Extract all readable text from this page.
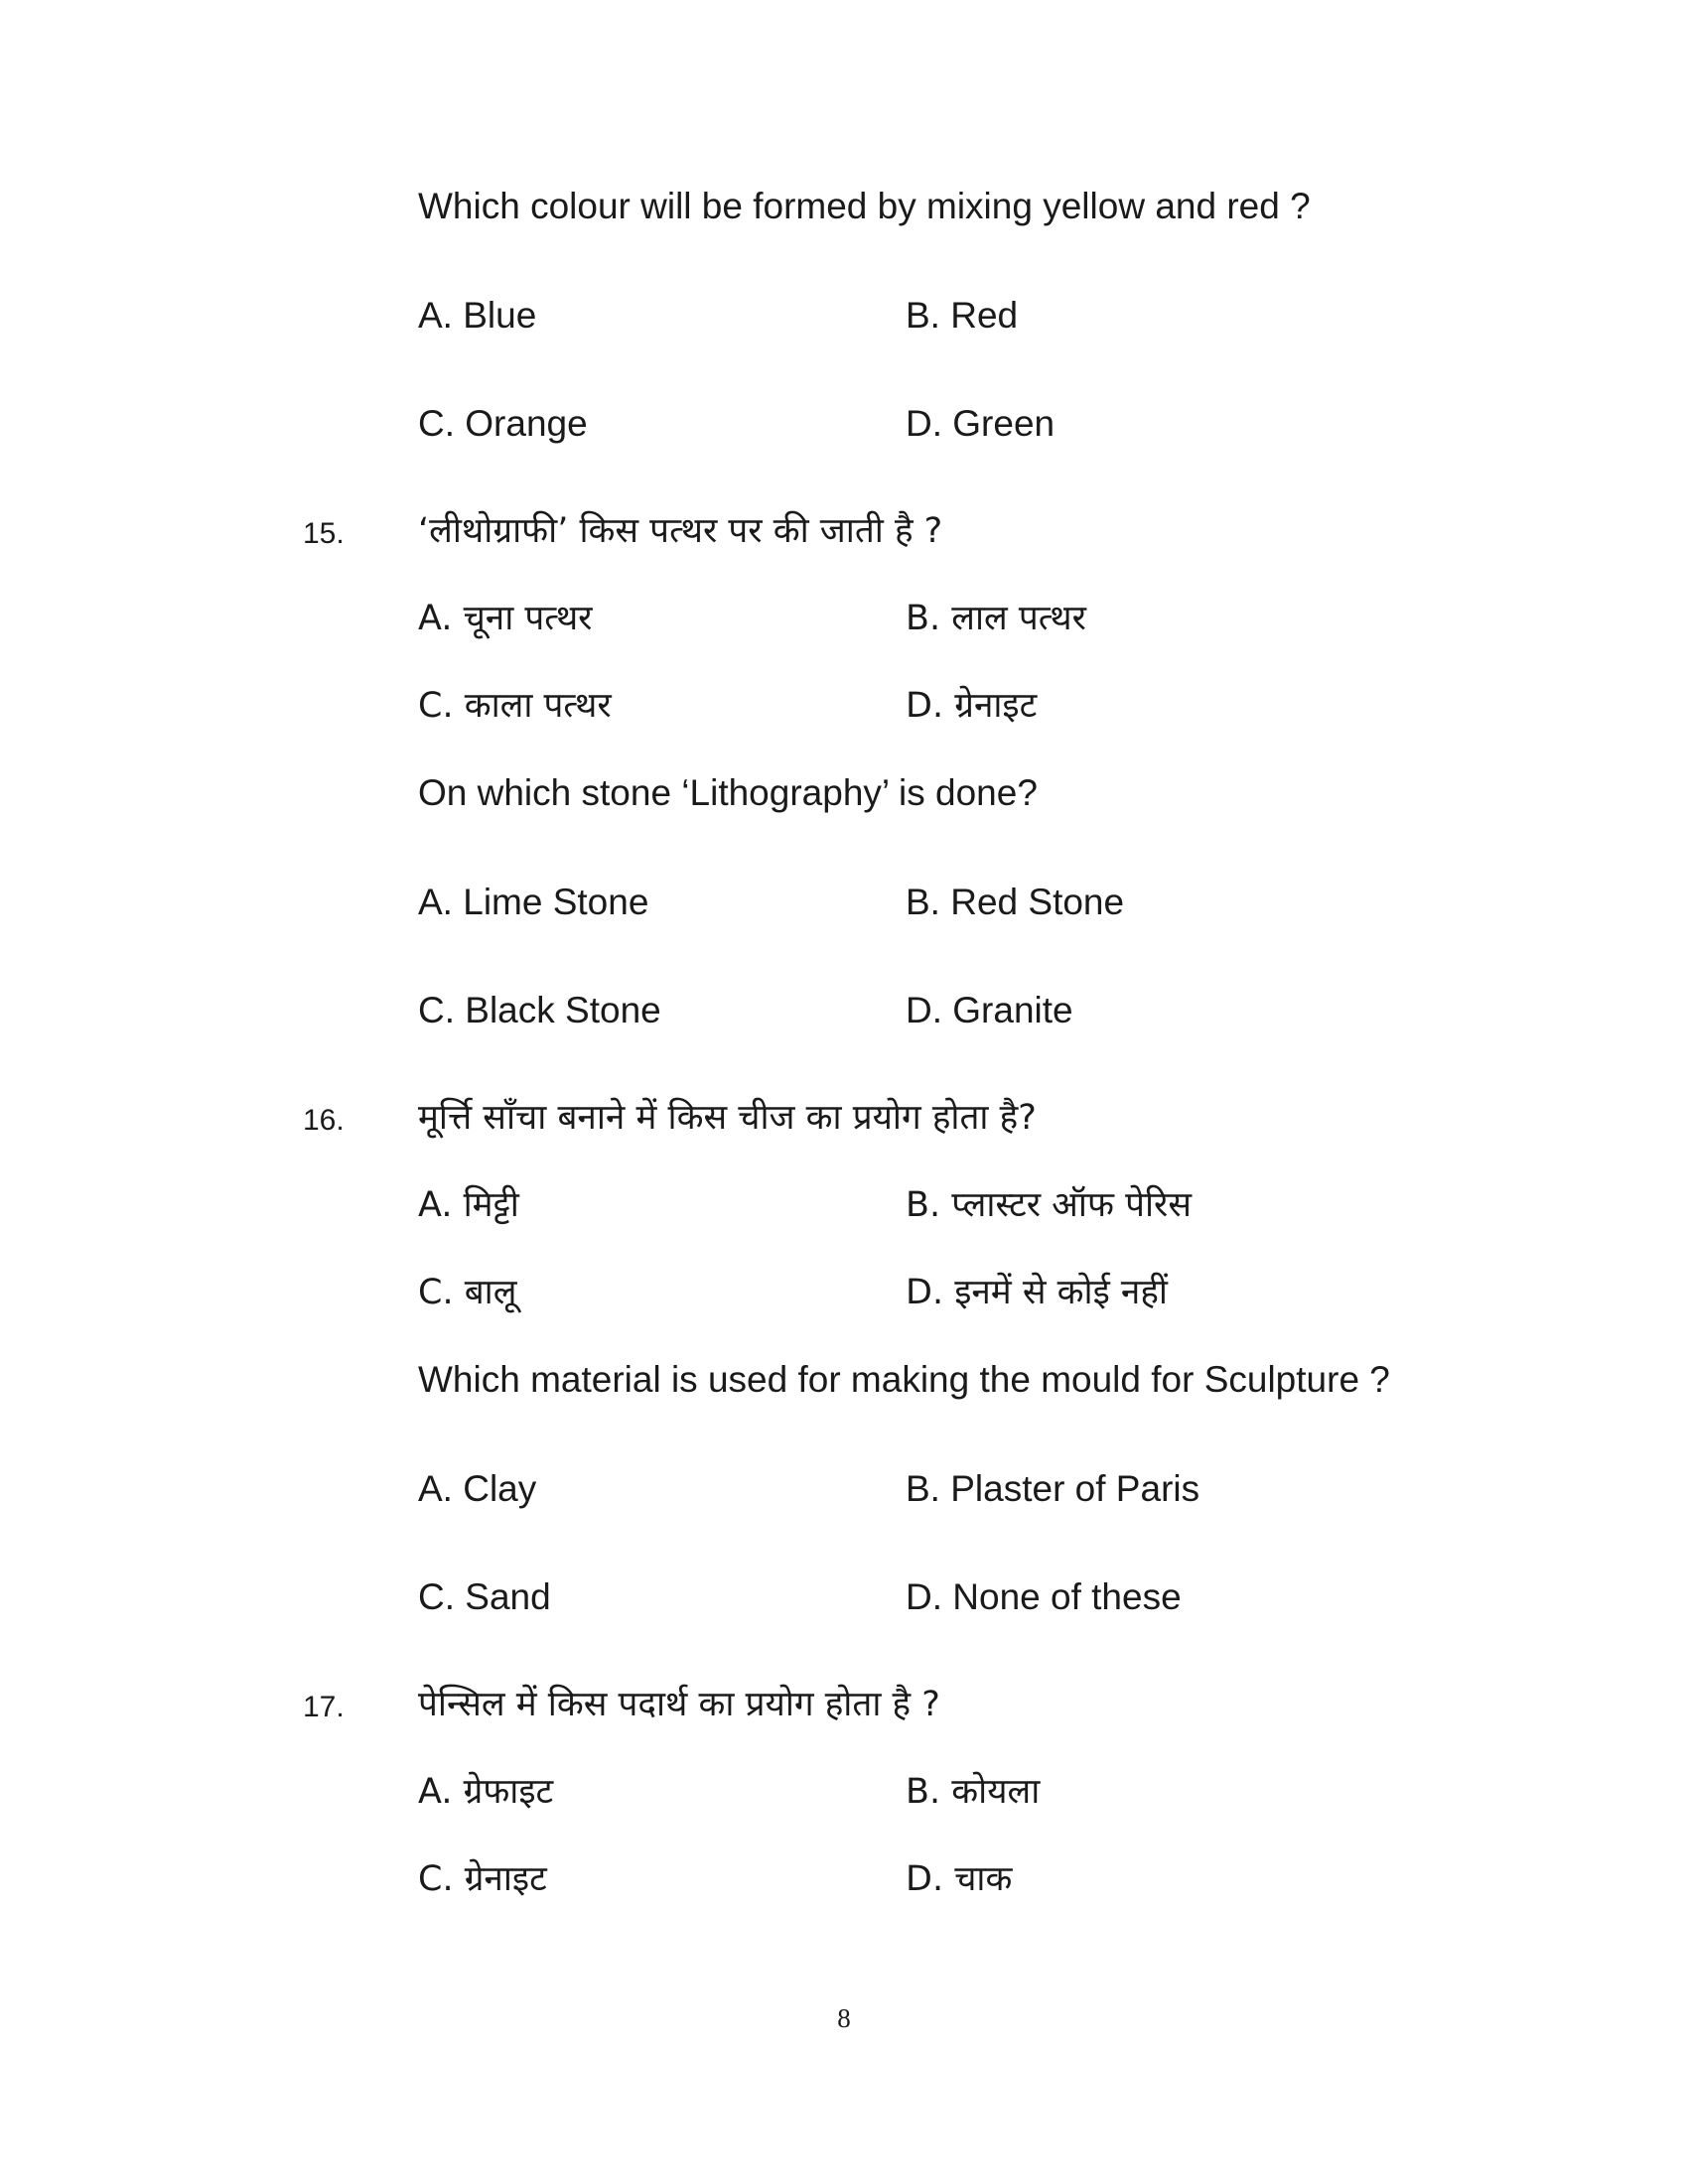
Which colour will be formed by mixing yellow and red ?
A. Blue	B. Red
C. Orange	D. Green
15. ‘लीथोग्राफी’ किस पत्थर पर की जाती है ?
A. चूना पत्थर	B. लाल पत्थर
C. काला पत्थर	D. ग्रेनाइट
On which stone ‘Lithography’ is done?
A. Lime Stone	B. Red Stone
C. Black Stone	D. Granite
16. मूर्त्ति साँचा बनाने में किस चीज का प्रयोग होता है?
A. मिट्टी	B. प्लास्टर ऑफ पेरिस
C. बालू	D. इनमें से कोई नहीं
Which material is used for making the mould for Sculpture ?
A. Clay	B. Plaster of Paris
C. Sand	D. None of these
17. पेन्सिल में किस पदार्थ का प्रयोग होता है ?
A. ग्रेफाइट	B. कोयला
C. ग्रेनाइट	D. चाक
8
